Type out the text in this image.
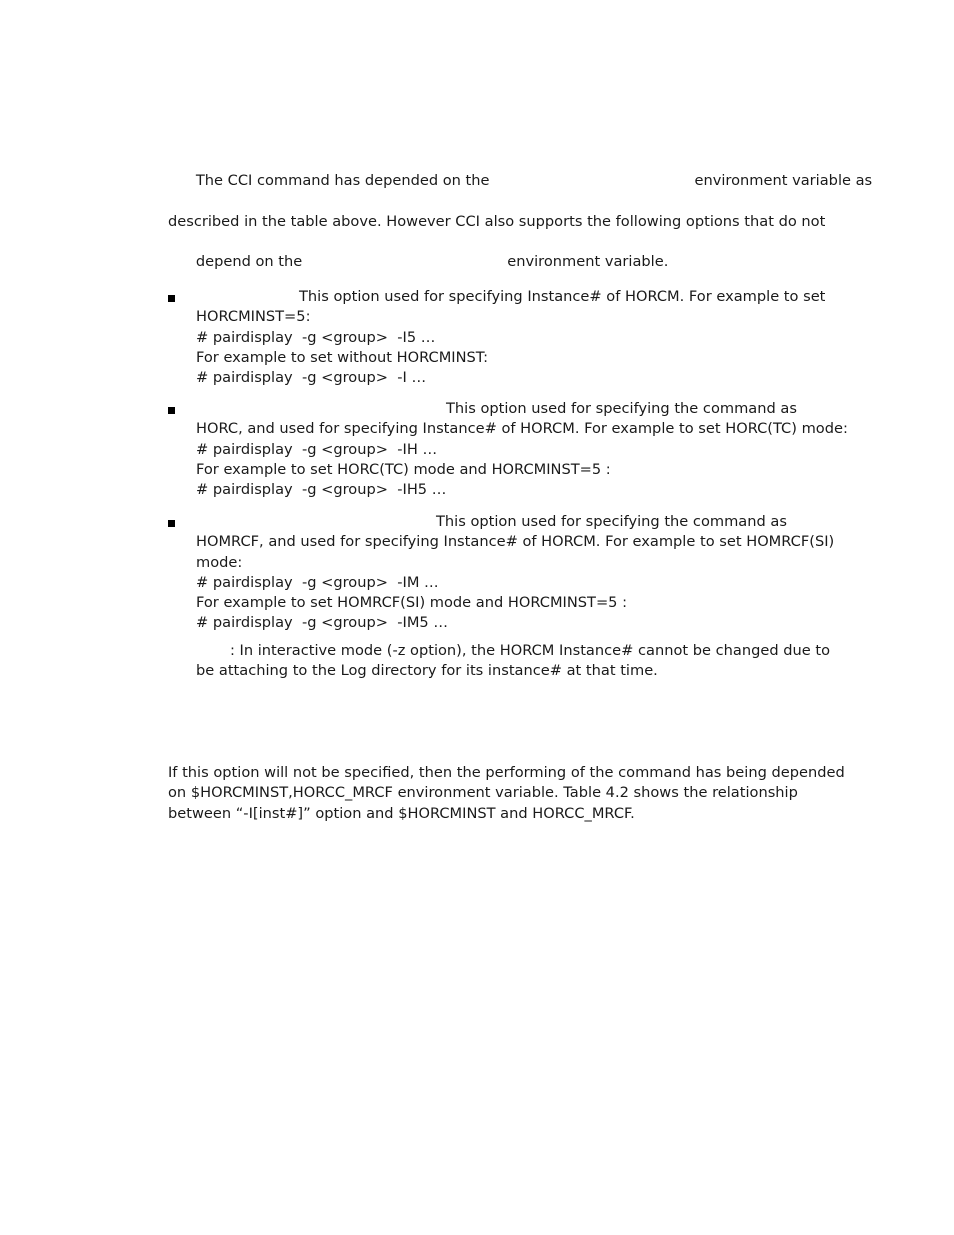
The CCI command has depended on the	environment variable as

described in the table above. However CCI also supports the following options that do not

depend on the	environment variable.

This option used for specifying Instance# of HORCM. For example to set
HORCMINST=5:
# pairdisplay  -g <group>  -I5 …
For example to set without HORCMINST:
# pairdisplay  -g <group>  -I …
This option used for specifying the command as
HORC, and used for specifying Instance# of HORCM. For example to set HORC(TC) mode:
# pairdisplay  -g <group>  -IH …
For example to set HORC(TC) mode and HORCMINST=5 :
# pairdisplay  -g <group>  -IH5 …
This option used for specifying the command as
HOMRCF, and used for specifying Instance# of HORCM. For example to set HOMRCF(SI)
mode:
# pairdisplay  -g <group>  -IM …
For example to set HOMRCF(SI) mode and HORCMINST=5 :
# pairdisplay  -g <group>  -IM5 …
: In interactive mode (-z option), the HORCM Instance# cannot be changed due to
be attaching to the Log directory for its instance# at that time.
If this option will not be specified, then the performing of the command has being depended
on $HORCMINST,HORCC_MRCF environment variable. Table 4.2 shows the relationship
between “-I[inst#]” option and $HORCMINST and HORCC_MRCF.
